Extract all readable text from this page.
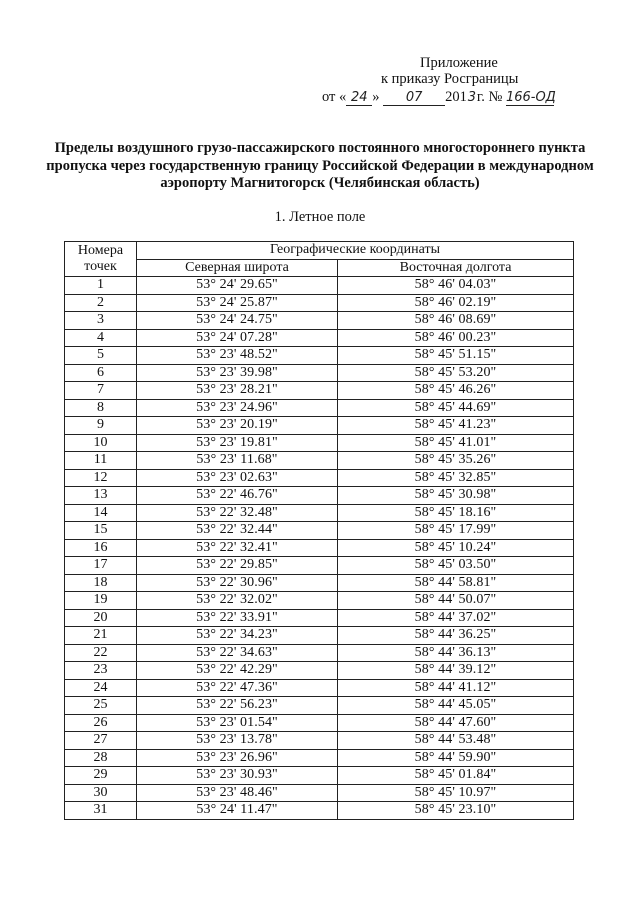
Приложение
к приказу Росграницы
от « 24 » 07 2013г. № 166-ОД
Пределы воздушного грузо-пассажирского постоянного многостороннего пункта пропуска через государственную границу Российской Федерации в международном аэропорту Магнитогорск (Челябинская область)
1. Летное поле
Номера точек	Географические координаты	
	Северная широта	Восточная долгота
1	53° 24' 29.65"	58° 46' 04.03"
2	53° 24' 25.87"	58° 46' 02.19"
3	53° 24' 24.75"	58° 46' 08.69"
4	53° 24' 07.28"	58° 46' 00.23"
5	53° 23' 48.52"	58° 45' 51.15"
6	53° 23' 39.98"	58° 45' 53.20"
7	53° 23' 28.21"	58° 45' 46.26"
8	53° 23' 24.96"	58° 45' 44.69"
9	53° 23' 20.19"	58° 45' 41.23"
10	53° 23' 19.81"	58° 45' 41.01"
11	53° 23' 11.68"	58° 45' 35.26"
12	53° 23' 02.63"	58° 45' 32.85"
13	53° 22' 46.76"	58° 45' 30.98"
14	53° 22' 32.48"	58° 45' 18.16"
15	53° 22' 32.44"	58° 45' 17.99"
16	53° 22' 32.41"	58° 45' 10.24"
17	53° 22' 29.85"	58° 45' 03.50"
18	53° 22' 30.96"	58° 44' 58.81"
19	53° 22' 32.02"	58° 44' 50.07"
20	53° 22' 33.91"	58° 44' 37.02"
21	53° 22' 34.23"	58° 44' 36.25"
22	53° 22' 34.63"	58° 44' 36.13"
23	53° 22' 42.29"	58° 44' 39.12"
24	53° 22' 47.36"	58° 44' 41.12"
25	53° 22' 56.23"	58° 44' 45.05"
26	53° 23' 01.54"	58° 44' 47.60"
27	53° 23' 13.78"	58° 44' 53.48"
28	53° 23' 26.96"	58° 44' 59.90"
29	53° 23' 30.93"	58° 45' 01.84"
30	53° 23' 48.46"	58° 45' 10.97"
31	53° 24' 11.47"	58° 45' 23.10"
